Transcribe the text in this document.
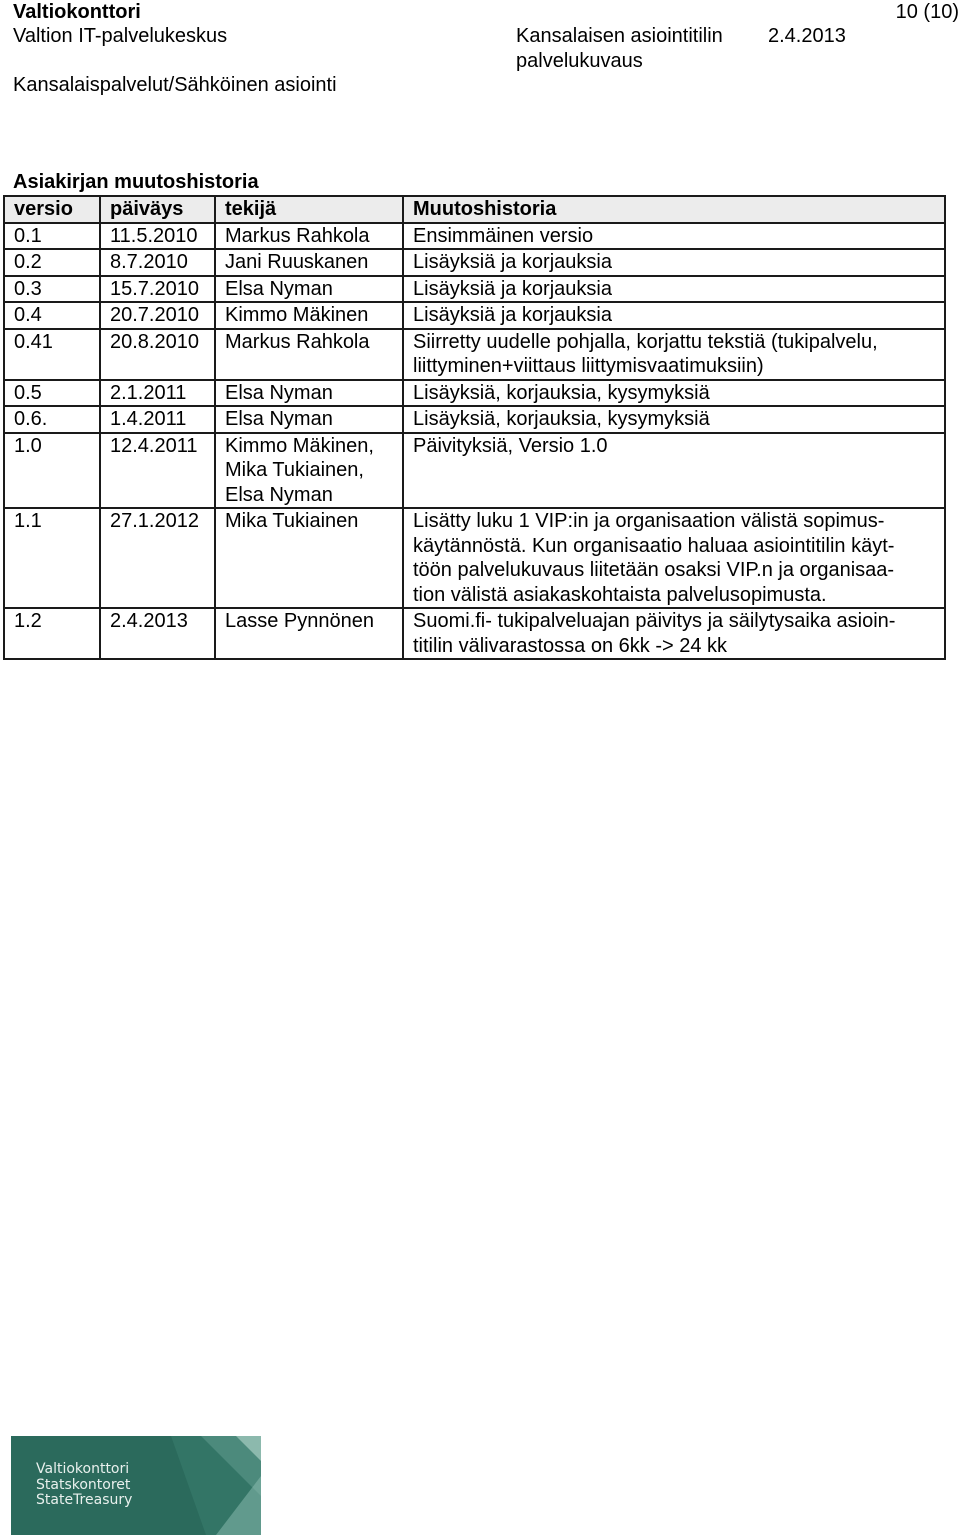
Valtiokonttori
Valtion IT-palvelukeskus
Kansalaispalvelut/Sähköinen asiointi
Kansalaisen asiointitilin
palvelukuvaus
2.4.2013
10 (10)
Asiakirjan muutoshistoria
versio	päiväys	tekijä	Muutoshistoria
0.1	11.5.2010	Markus Rahkola	Ensimmäinen versio

0.2	8.7.2010	Jani Ruuskanen	Lisäyksiä ja korjauksia

0.3	15.7.2010	Elsa Nyman	Lisäyksiä ja korjauksia

0.4	20.7.2010	Kimmo Mäkinen	Lisäyksiä ja korjauksia

0.41	20.8.2010	Markus Rahkola	Siirretty uudelle pohjalla, korjattu tekstiä (tukipalvelu,
liittyminen+viittaus liittymisvaatimuksiin)

0.5	2.1.2011	Elsa Nyman	Lisäyksiä, korjauksia, kysymyksiä

0.6.	1.4.2011	Elsa Nyman	Lisäyksiä, korjauksia, kysymyksiä

1.0	12.4.2011	Kimmo Mäkinen,
Mika Tukiainen,
Elsa Nyman	Päivityksiä, Versio 1.0

1.1	27.1.2012	Mika Tukiainen	Lisätty luku 1 VIP:in ja organisaation välistä sopimus-
käytännöstä. Kun organisaatio haluaa asiointitilin käyt-
töön palvelukuvaus liitetään osaksi VIP.n ja organisaa-
tion välistä asiakaskohtaista palvelusopimusta.

1.2	2.4.2013	Lasse Pynnönen	Suomi.fi- tukipalveluajan päivitys ja säilytysaika asioin-
titilin välivarastossa on 6kk -> 24 kk
Valtiokonttori
Statskontoret
StateTreasury
